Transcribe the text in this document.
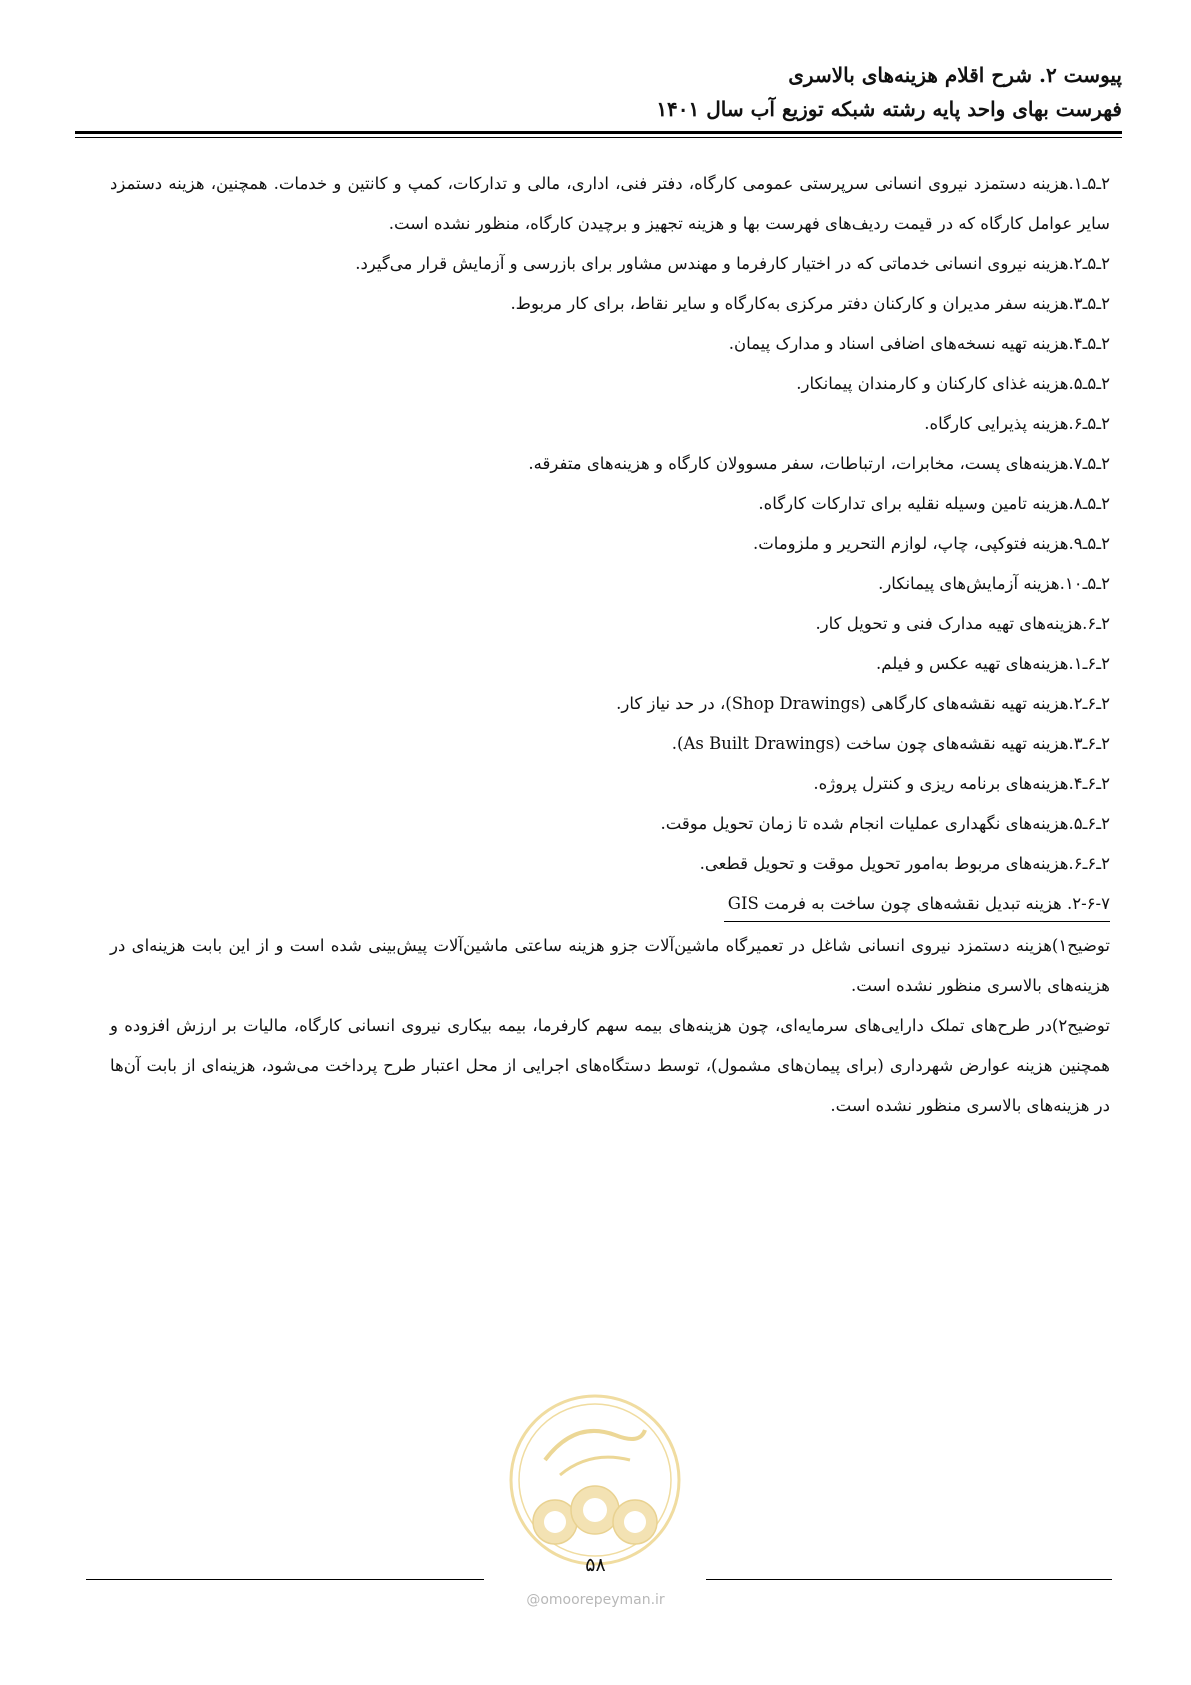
پیوست ۲. شرح اقلام هزینه‌های بالاسری
فهرست بهای واحد پایه رشته شبکه توزیع آب سال ۱۴۰۱
۲ـ۵ـ۱.هزینه دستمزد نیروی انسانی سرپرستی عمومی کارگاه، دفتر فنی، اداری، مالی و تدارکات، کمپ و کانتین و خدمات. همچنین، هزینه دستمزد سایر عوامل کارگاه که در قیمت ردیف‌های فهرست بها و هزینه تجهیز و برچیدن کارگاه، منظور نشده است.
۲ـ۵ـ۲.هزینه نیروی انسانی خدماتی که در اختیار کارفرما و مهندس مشاور برای بازرسی و آزمایش قرار می‌گیرد.
۲ـ۵ـ۳.هزینه سفر مدیران و کارکنان دفتر مرکزی به‌کارگاه و سایر نقاط، برای کار مربوط.
۲ـ۵ـ۴.هزینه تهیه نسخه‌های اضافی اسناد و مدارک پیمان.
۲ـ۵ـ۵.هزینه غذای کارکنان و کارمندان پیمانکار.
۲ـ۵ـ۶.هزینه پذیرایی کارگاه.
۲ـ۵ـ۷.هزینه‌های پست، مخابرات، ارتباطات، سفر مسوولان کارگاه و هزینه‌های متفرقه.
۲ـ۵ـ۸.هزینه تامین وسیله نقلیه برای تدارکات کارگاه.
۲ـ۵ـ۹.هزینه فتوکپی، چاپ، لوازم التحریر و ملزومات.
۲ـ۵ـ۱۰.هزینه آزمایش‌های پیمانکار.
۲ـ۶.هزینه‌های تهیه مدارک فنی و تحویل کار.
۲ـ۶ـ۱.هزینه‌های تهیه عکس و فیلم.
۲ـ۶ـ۲.هزینه تهیه نقشه‌های کارگاهی (Shop Drawings)، در حد نیاز کار.
۲ـ۶ـ۳.هزینه تهیه نقشه‌های چون ساخت (As Built Drawings).
۲ـ۶ـ۴.هزینه‌های برنامه ریزی و کنترل پروژه.
۲ـ۶ـ۵.هزینه‌های نگهداری عملیات انجام شده تا زمان تحویل موقت.
۲ـ۶ـ۶.هزینه‌های مربوط به‌امور تحویل موقت و تحویل قطعی.
۲-۶-۷. هزینه تبدیل نقشه‌های چون ساخت به فرمت GIS
توضیح۱)هزینه دستمزد نیروی انسانی شاغل در تعمیرگاه ماشین‌آلات جزو هزینه ساعتی ماشین‌آلات پیش‌بینی شده است و از این بابت هزینه‌ای در هزینه‌های بالاسری منظور نشده است.
توضیح۲)در طرح‌های تملک دارایی‌های سرمایه‌ای، چون هزینه‌های بیمه سهم کارفرما، بیمه بیکاری نیروی انسانی کارگاه، مالیات بر ارزش افزوده و همچنین هزینه عوارض شهرداری (برای پیمان‌های مشمول)، توسط دستگاه‌های اجرایی از محل اعتبار طرح پرداخت می‌شود، هزینه‌ای از بابت آن‌ها در هزینه‌های بالاسری منظور نشده است.
۵۸
@omoorepeyman.ir
